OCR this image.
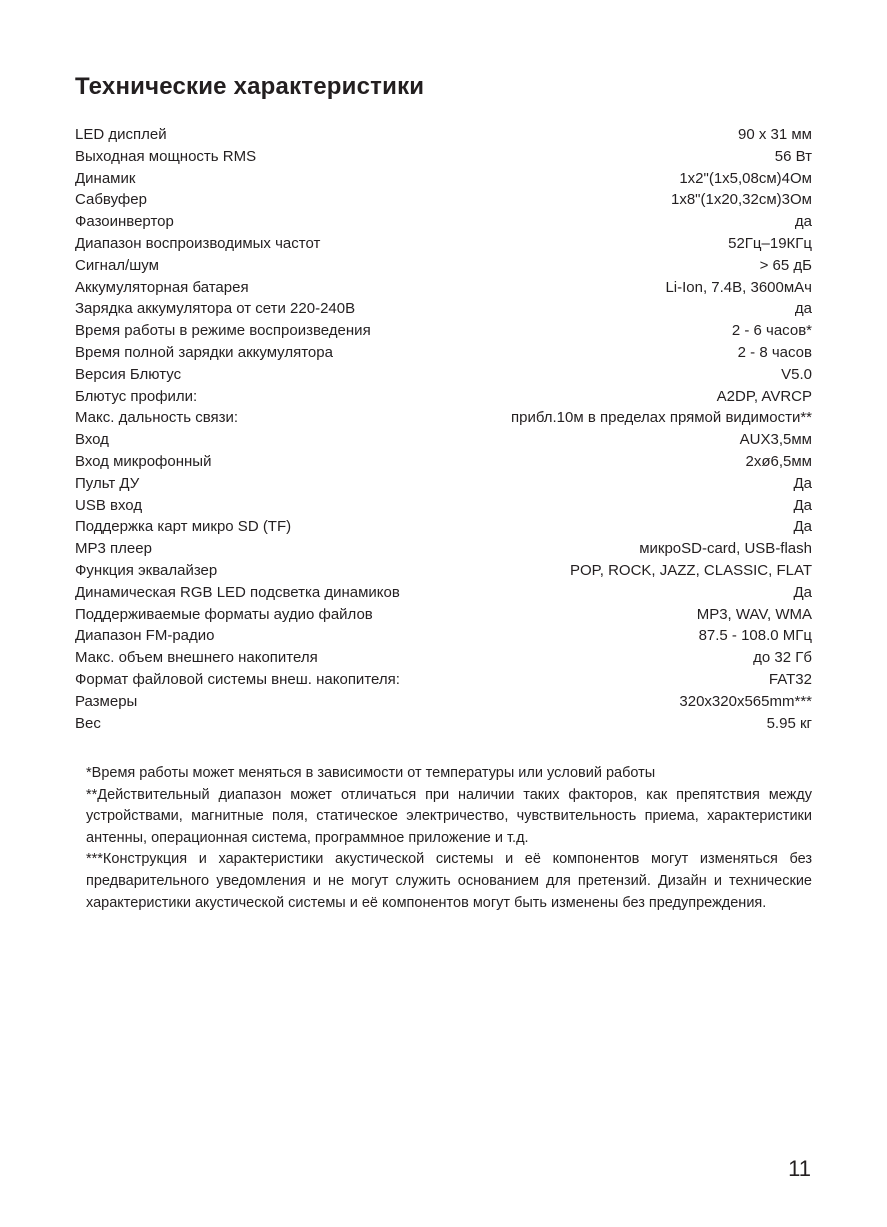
Технические характеристики
LED дисплей	90 х 31 мм
Выходная мощность RMS	56 Вт
Динамик	1x2"(1х5,08см)4Ом
Сабвуфер	1x8"(1х20,32см)3Ом
Фазоинвертор	да
Диапазон воспроизводимых частот	52Гц–19КГц
Сигнал/шум	> 65 дБ
Аккумуляторная батарея	Li-Ion, 7.4В, 3600мАч
Зарядка аккумулятора от сети 220-240В	да
Время работы в режиме воспроизведения	2 - 6 часов*
Время полной зарядки аккумулятора	2 - 8 часов
Версия Блютус	V5.0
Блютус профили:	A2DP, AVRCP
Макс. дальность связи:	прибл.10м в пределах прямой видимости**
Вход	AUX3,5мм
Вход микрофонный	2хø6,5мм
Пульт ДУ	Да
USB вход	Да
Поддержка карт микро SD (TF)	Да
MP3 плеер	микроSD-card, USB-flash
Функция эквалайзер	POP, ROCK, JAZZ, CLASSIC, FLAT
Динамическая RGB LED подсветка динамиков	Да
Поддерживаемые форматы аудио файлов	MP3, WAV, WMA
Диапазон FM-радио	87.5 - 108.0 МГц
Макс. объем внешнего накопителя	до 32 Гб
Формат файловой системы внеш. накопителя:	FAT32
Размеры	320x320x565mm***
Вес	5.95 кг

*Время работы может меняться в зависимости от температуры или условий работы

**Действительный диапазон может отличаться при наличии таких факторов, как препятствия между устройствами, магнитные поля, статическое электричество, чувствительность приема, характеристики антенны, операционная система, программное приложение и т.д.

***Конструкция и характеристики акустической системы и её компонентов могут изменяться без предварительного уведомления и не могут служить основанием для претензий. Дизайн и технические характеристики акустической системы и её компонентов могут быть изменены без предупреждения.

11
